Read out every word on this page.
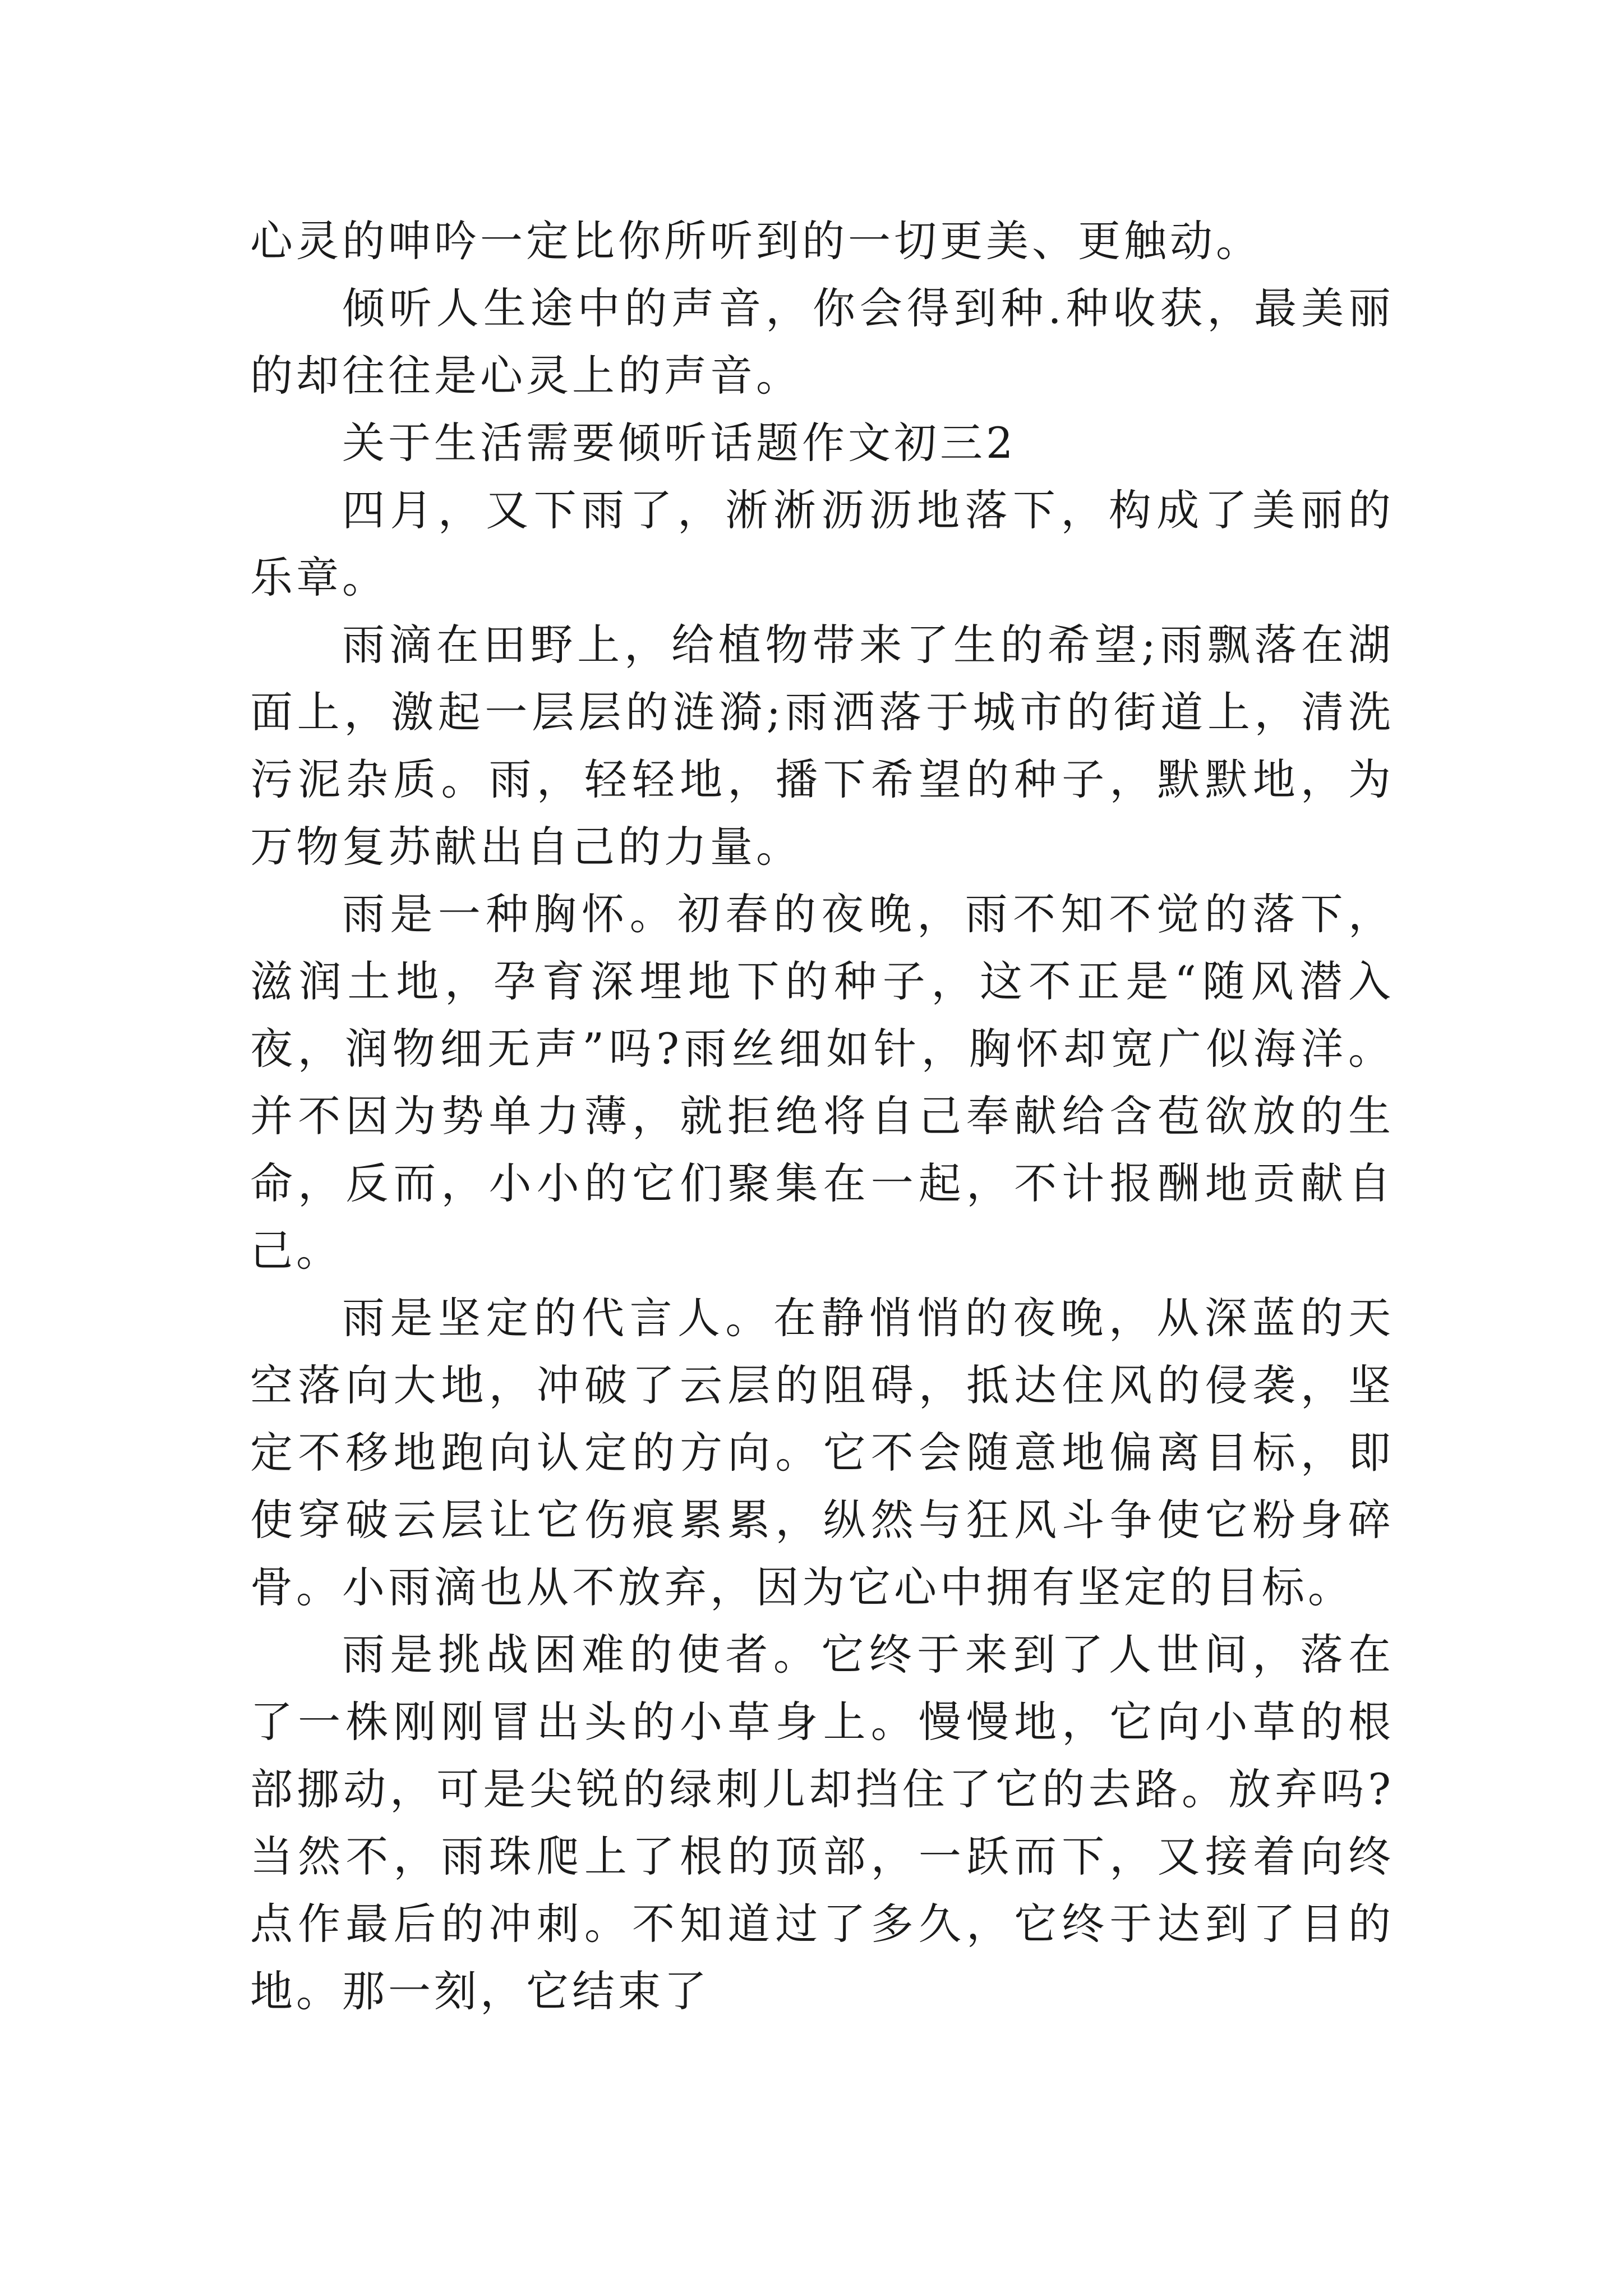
心灵的呻吟一定比你所听到的一切更美、更触动。

倾听人生途中的声音，你会得到种.种收获，最美丽的却往往是心灵上的声音。

关于生活需要倾听话题作文初三2

四月，又下雨了，淅淅沥沥地落下，构成了美丽的乐章。

雨滴在田野上，给植物带来了生的希望;雨飘落在湖面上，激起一层层的涟漪;雨洒落于城市的街道上，清洗污泥杂质。雨，轻轻地，播下希望的种子，默默地，为万物复苏献出自己的力量。

雨是一种胸怀。初春的夜晚，雨不知不觉的落下，滋润土地，孕育深埋地下的种子，这不正是“随风潜入夜，润物细无声”吗?雨丝细如针，胸怀却宽广似海洋。并不因为势单力薄，就拒绝将自己奉献给含苞欲放的生命，反而，小小的它们聚集在一起，不计报酬地贡献自己。

雨是坚定的代言人。在静悄悄的夜晚，从深蓝的天空落向大地，冲破了云层的阻碍，抵达住风的侵袭，坚定不移地跑向认定的方向。它不会随意地偏离目标，即使穿破云层让它伤痕累累，纵然与狂风斗争使它粉身碎骨。小雨滴也从不放弃，因为它心中拥有坚定的目标。

雨是挑战困难的使者。它终于来到了人世间，落在了一株刚刚冒出头的小草身上。慢慢地，它向小草的根部挪动，可是尖锐的绿刺儿却挡住了它的去路。放弃吗?当然不，雨珠爬上了根的顶部，一跃而下，又接着向终点作最后的冲刺。不知道过了多久，它终于达到了目的地。那一刻，它结束了
